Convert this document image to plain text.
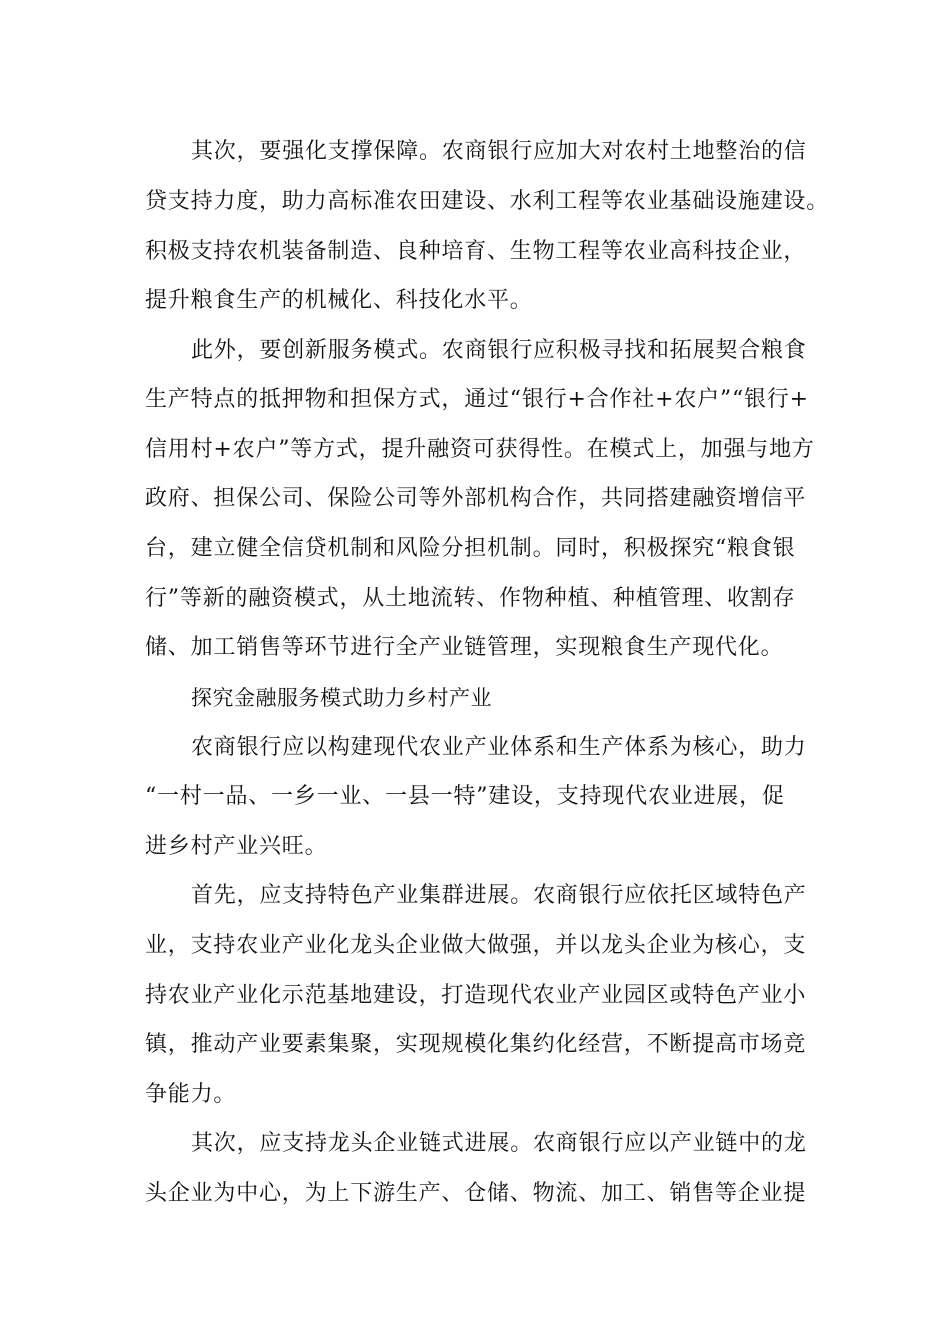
其次，要强化支撑保障。农商银行应加大对农村土地整治的信
贷支持力度，助力高标准农田建设、水利工程等农业基础设施建设。
积极支持农机装备制造、良种培育、生物工程等农业高科技企业，
提升粮食生产的机械化、科技化水平。
此外，要创新服务模式。农商银行应积极寻找和拓展契合粮食
生产特点的抵押物和担保方式，通过“银行+合作社+农户”“银行+
信用村+农户”等方式，提升融资可获得性。在模式上，加强与地方
政府、担保公司、保险公司等外部机构合作，共同搭建融资增信平
台，建立健全信贷机制和风险分担机制。同时，积极探究“粮食银
行”等新的融资模式，从土地流转、作物种植、种植管理、收割存
储、加工销售等环节进行全产业链管理，实现粮食生产现代化。
探究金融服务模式助力乡村产业
农商银行应以构建现代农业产业体系和生产体系为核心，助力
“一村一品、一乡一业、一县一特”建设，支持现代农业进展，促
进乡村产业兴旺。
首先，应支持特色产业集群进展。农商银行应依托区域特色产
业，支持农业产业化龙头企业做大做强，并以龙头企业为核心，支
持农业产业化示范基地建设，打造现代农业产业园区或特色产业小
镇，推动产业要素集聚，实现规模化集约化经营，不断提高市场竞
争能力。
其次，应支持龙头企业链式进展。农商银行应以产业链中的龙
头企业为中心，为上下游生产、仓储、物流、加工、销售等企业提
